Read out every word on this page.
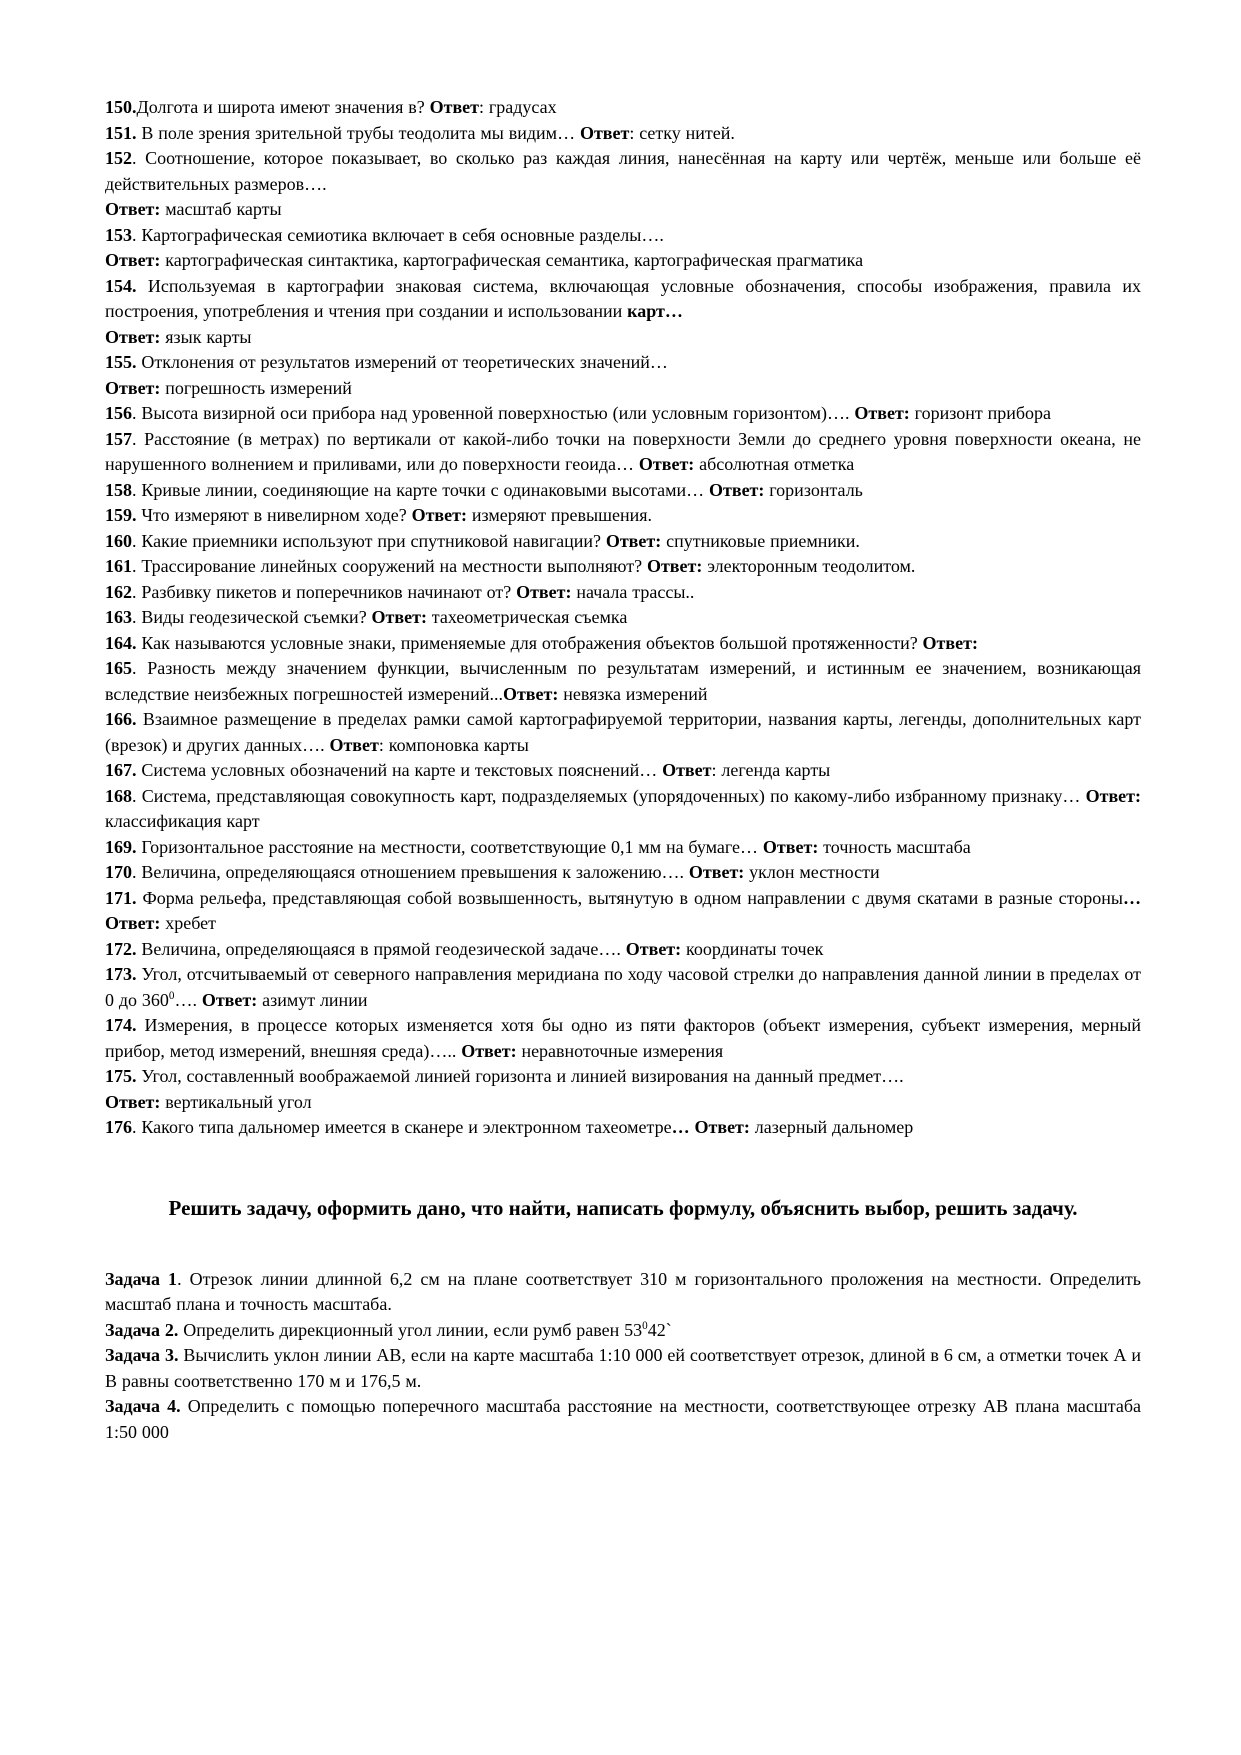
150.Долгота и широта имеют значения в? Ответ: градусах

151. В поле зрения зрительной трубы теодолита мы видим… Ответ: сетку нитей.

152. Соотношение, которое показывает, во сколько раз каждая линия, нанесённая на карту или чертёж, меньше или больше её действительных размеров….

Ответ: масштаб карты

153. Картографическая семиотика включает в себя основные разделы….

Ответ: картографическая синтактика, картографическая семантика, картографическая прагматика

154. Используемая в картографии знаковая система, включающая условные обозначения, способы изображения, правила их построения, употребления и чтения при создании и использовании карт…

Ответ: язык карты

155. Отклонения от результатов измерений от теоретических значений…

Ответ: погрешность измерений

156. Высота визирной оси прибора над уровенной поверхностью (или условным горизонтом)…. Ответ: горизонт прибора

157. Расстояние (в метрах) по вертикали от какой-либо точки на поверхности Земли до среднего уровня поверхности океана, не нарушенного волнением и приливами, или до поверхности геоида… Ответ: абсолютная отметка

158. Кривые линии, соединяющие на карте точки с одинаковыми высотами… Ответ: горизонталь

159. Что измеряют в нивелирном ходе? Ответ: измеряют превышения.

160. Какие приемники используют при спутниковой навигации? Ответ: спутниковые приемники.

161. Трассирование линейных сооружений на местности выполняют? Ответ: электоронным теодолитом.

162. Разбивку пикетов и поперечников начинают от? Ответ: начала трассы..

163. Виды геодезической съемки? Ответ: тахеометрическая съемка

164. Как называются условные знаки, применяемые для отображения объектов большой протяженности? Ответ:

165. Разность между значением функции, вычисленным по результатам измерений, и истинным ее значением, возникающая вследствие неизбежных погрешностей измерений...Ответ: невязка измерений

166. Взаимное размещение в пределах рамки самой картографируемой территории, названия карты, легенды, дополнительных карт (врезок) и других данных…. Ответ: компоновка карты

167. Система условных обозначений на карте и текстовых пояснений… Ответ: легенда карты

168. Система, представляющая совокупность карт, подразделяемых (упорядоченных) по какому-либо избранному признаку… Ответ: классификация карт

169. Горизонтальное расстояние на местности, соответствующие 0,1 мм на бумаге… Ответ: точность масштаба

170. Величина, определяющаяся отношением превышения к заложению…. Ответ: уклон местности

171. Форма рельефа, представляющая собой возвышенность, вытянутую в одном направлении с двумя скатами в разные стороны… Ответ: хребет

172. Величина, определяющаяся в прямой геодезической задаче…. Ответ: координаты точек

173. Угол, отсчитываемый от северного направления меридиана по ходу часовой стрелки до направления данной линии в пределах от 0 до $360^0\dots$. Ответ: азимут линии

174. Измерения, в процессе которых изменяется хотя бы одно из пяти факторов (объект измерения, субъект измерения, мерный прибор, метод измерений, внешняя среда)….. Ответ: неравноточные измерения

175. Угол, составленный воображаемой линией горизонта и линией визирования на данный предмет….

Ответ: вертикальный угол

176. Какого типа дальномер имеется в сканере и электронном тахеометре… Ответ: лазерный дальномер

Решить задачу, оформить дано, что найти, написать формулу, объяснить выбор, решить задачу.

Задача 1. Отрезок линии длинной 6,2 см на плане соответствует 310 м горизонтального проложения на местности. Определить масштаб плана и точность масштаба.

Задача 2. Определить дирекционный угол линии, если румб равен $53^042`$

Задача 3. Вычислить уклон линии АВ, если на карте масштаба 1:10 000 ей соответствует отрезок, длиной в 6 см, а отметки точек А и В равны соответственно 170 м и 176,5 м.

Задача 4. Определить с помощью поперечного масштаба расстояние на местности, соответствующее отрезку АВ плана масштаба 1:50 000
